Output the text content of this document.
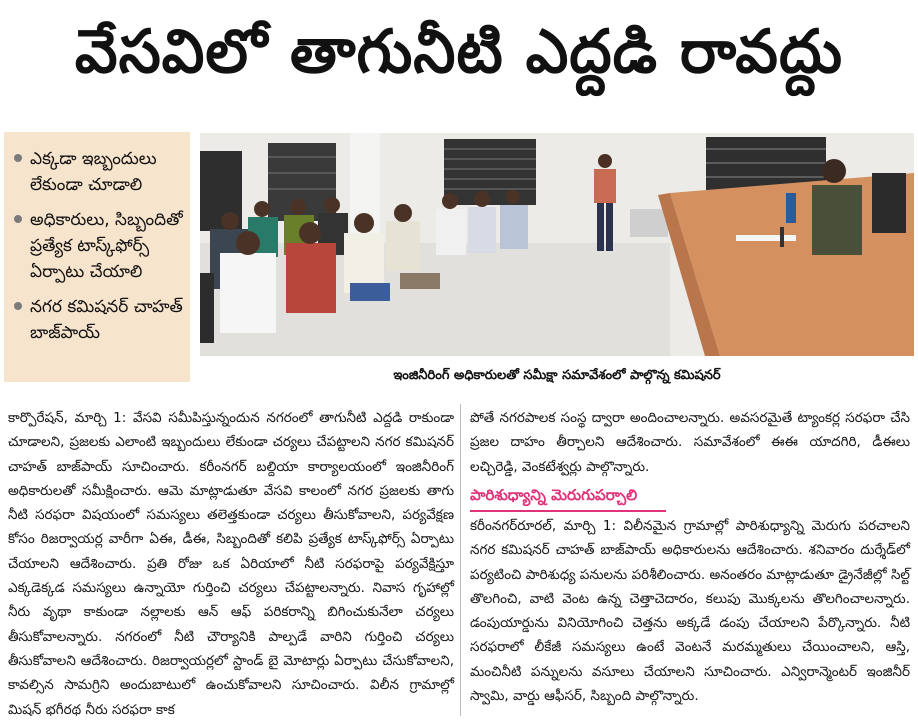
వేసవిలో తాగునీటి ఎద్దడి రావద్దు
ఎక్కడా ఇబ్బందులు లేకుండా చూడాలి
అధికారులు, సిబ్బందితో ప్రత్యేక టాస్క్‌ఫోర్స్ ఏర్పాటు చేయాలి
నగర కమిషనర్ చాహత్ బాజ్‌పాయ్
ఇంజినీరింగ్ అధికారులతో సమీక్షా సమావేశంలో పాల్గొన్న కమిషనర్
కార్పొరేషన్, మార్చి 1: వేసవి సమీపిస్తున్నందున నగరంలో తాగునీటి ఎద్దడి రాకుండా చూడాలని, ప్రజలకు ఎలాంటి ఇబ్బందులు లేకుండా చర్యలు చేపట్టాలని నగర కమిషనర్ చాహత్ బాజ్‌పాయ్ సూచించారు. కరీంనగర్ బల్దియా కార్యాలయంలో ఇంజినీరింగ్ అధికారులతో సమీక్షించారు. ఆమె మాట్లాడుతూ వేసవి కాలంలో నగర ప్రజలకు తాగు నీటి సరఫరా విషయంలో సమస్యలు తలెత్తకుండా చర్యలు తీసుకోవాలని, పర్యవేక్షణ కోసం రిజర్వాయర్ల వారీగా ఏఈ, డీఈ, సిబ్బందితో కలిపి ప్రత్యేక టాస్క్‌ఫోర్స్ ఏర్పాటు చేయాలని ఆదేశించారు. ప్రతి రోజు ఒక ఏరియాలో నీటి సరఫరాపై పర్యవేక్షిస్తూ ఎక్కడెక్కడ సమస్యలు ఉన్నాయో గుర్తించి చర్యలు చేపట్టాలన్నారు. నివాస గృహాల్లో నీరు వృథా కాకుండా నల్లాలకు ఆన్ ఆఫ్ పరికరాన్ని బిగించుకునేలా చర్యలు తీసుకోవాలన్నారు. నగరంలో నీటి చౌర్యానికి పాల్పడే వారిని గుర్తించి చర్యలు తీసుకోవాలని ఆదేశించారు. రిజర్వాయర్లలో స్టాండ్ బై మోటార్లు ఏర్పాటు చేసుకోవాలని, కావల్సిన సామగ్రిని అందుబాటులో ఉంచుకోవాలని సూచించారు. విలీన గ్రామాల్లో మిషన్ భగీరథ నీరు సరఫరా కాక
పోతే నగరపాలక సంస్థ ద్వారా అందించాలన్నారు. అవసరమైతే ట్యాంకర్ల సరఫరా చేసి ప్రజల దాహం తీర్చాలని ఆదేశించారు. సమావేశంలో ఈఈ యాదగిరి, డీఈలు లచ్చిరెడ్డి, వెంకటేశ్వర్లు పాల్గొన్నారు.
పారిశుధ్యాన్ని మెరుగుపర్చాలి
కరీంనగర్‌రూరల్, మార్చి 1: విలీనమైన గ్రామాల్లో పారిశుధ్యాన్ని మెరుగు పరచాలని నగర కమిషనర్ చాహత్ బాజ్‌పాయ్ అధికారులను ఆదేశించారు. శనివారం దుర్శేడ్‌లో పర్యటించి పారిశుధ్య పనులను పరిశీలించారు. అనంతరం మాట్లాడుతూ డ్రైనేజీల్లో సిల్ట్ తొలగించి, వాటి వెంట ఉన్న చెత్తాచెదారం, కలుపు మొక్కలను తొలగించాలన్నారు. డంపుయార్డును వినియోగించి చెత్తను అక్కడే డంపు చేయాలని పేర్కొన్నారు. నీటి సరఫరాలో లీకేజీ సమస్యలు ఉంటే వెంటనే మరమ్మతులు చేయించాలని, ఆస్తి, మంచినీటి పన్నులను వసూలు చేయాలని సూచించారు. ఎన్విరాన్మెంటర్ ఇంజినీర్ స్వామి, వార్డు ఆఫీసర్, సిబ్బంది పాల్గొన్నారు.
